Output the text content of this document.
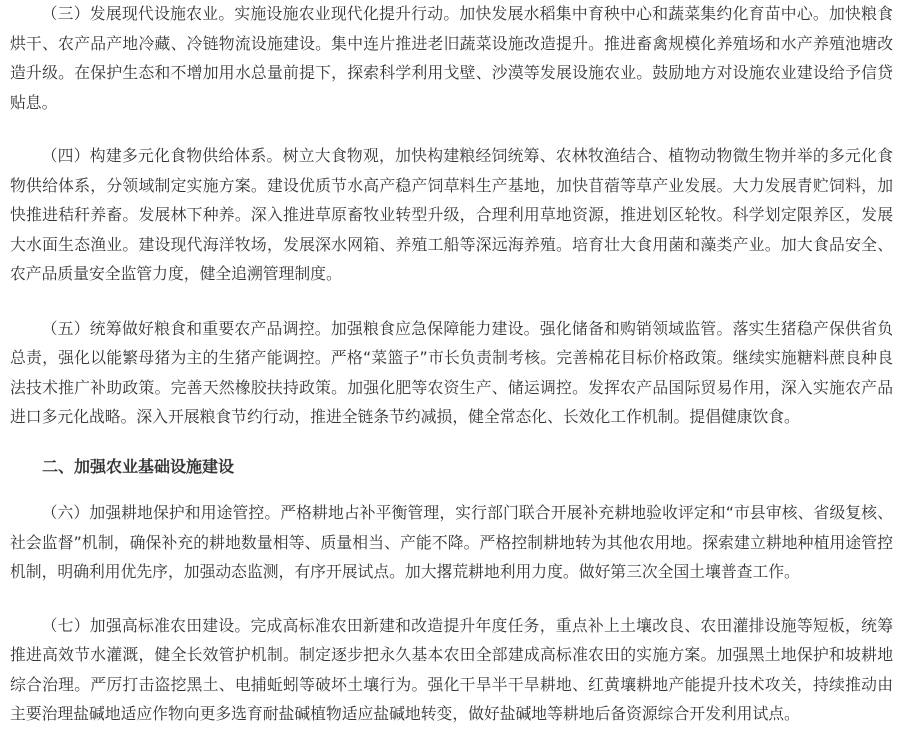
（三）发展现代设施农业。实施设施农业现代化提升行动。加快发展水稻集中育秧中心和蔬菜集约化育苗中心。加快粮食烘干、农产品产地冷藏、冷链物流设施建设。集中连片推进老旧蔬菜设施改造提升。推进畜禽规模化养殖场和水产养殖池塘改造升级。在保护生态和不增加用水总量前提下，探索科学利用戈壁、沙漠等发展设施农业。鼓励地方对设施农业建设给予信贷贴息。

（四）构建多元化食物供给体系。树立大食物观，加快构建粮经饲统筹、农林牧渔结合、植物动物微生物并举的多元化食物供给体系，分领域制定实施方案。建设优质节水高产稳产饲草料生产基地，加快苜蓿等草产业发展。大力发展青贮饲料，加快推进秸秆养畜。发展林下种养。深入推进草原畜牧业转型升级，合理利用草地资源，推进划区轮牧。科学划定限养区，发展大水面生态渔业。建设现代海洋牧场，发展深水网箱、养殖工船等深远海养殖。培育壮大食用菌和藻类产业。加大食品安全、农产品质量安全监管力度，健全追溯管理制度。

（五）统筹做好粮食和重要农产品调控。加强粮食应急保障能力建设。强化储备和购销领域监管。落实生猪稳产保供省负总责，强化以能繁母猪为主的生猪产能调控。严格“菜篮子”市长负责制考核。完善棉花目标价格政策。继续实施糖料蔗良种良法技术推广补助政策。完善天然橡胶扶持政策。加强化肥等农资生产、储运调控。发挥农产品国际贸易作用，深入实施农产品进口多元化战略。深入开展粮食节约行动，推进全链条节约减损，健全常态化、长效化工作机制。提倡健康饮食。

二、加强农业基础设施建设

（六）加强耕地保护和用途管控。严格耕地占补平衡管理，实行部门联合开展补充耕地验收评定和“市县审核、省级复核、社会监督”机制，确保补充的耕地数量相等、质量相当、产能不降。严格控制耕地转为其他农用地。探索建立耕地种植用途管控机制，明确利用优先序，加强动态监测，有序开展试点。加大撂荒耕地利用力度。做好第三次全国土壤普查工作。

（七）加强高标准农田建设。完成高标准农田新建和改造提升年度任务，重点补上土壤改良、农田灌排设施等短板，统筹推进高效节水灌溉，健全长效管护机制。制定逐步把永久基本农田全部建成高标准农田的实施方案。加强黑土地保护和坡耕地综合治理。严厉打击盗挖黑土、电捕蚯蚓等破坏土壤行为。强化干旱半干旱耕地、红黄壤耕地产能提升技术攻关，持续推动由主要治理盐碱地适应作物向更多选育耐盐碱植物适应盐碱地转变，做好盐碱地等耕地后备资源综合开发利用试点。
